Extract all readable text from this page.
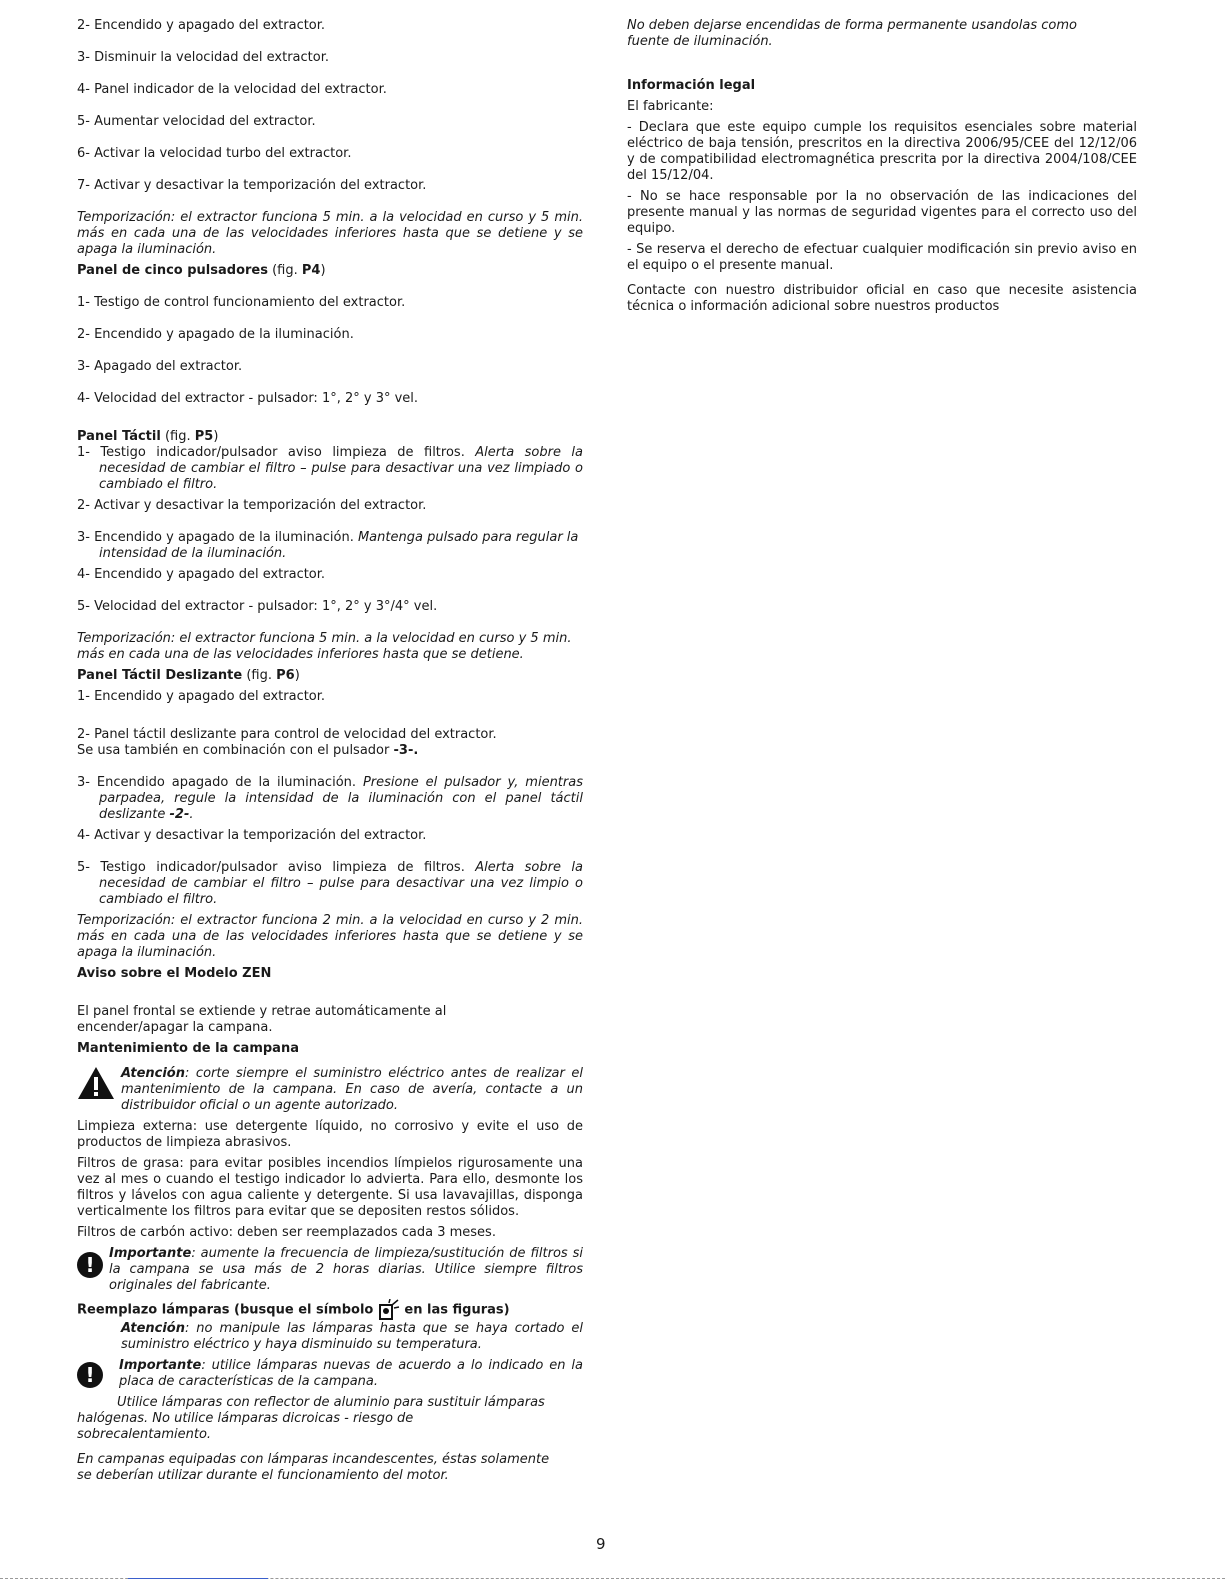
2- Encendido y apagado del extractor.

3- Disminuir la velocidad del extractor.

4- Panel indicador de la velocidad del extractor.

5- Aumentar velocidad del extractor.

6- Activar la velocidad turbo del extractor.

7- Activar y desactivar la temporización del extractor.

Temporización: el extractor funciona 5 min. a la velocidad en curso y 5 min. más en cada una de las velocidades inferiores hasta que se detiene y se apaga la iluminación.

Panel de cinco pulsadores (fig. P4)

1- Testigo de control funcionamiento del extractor.

2- Encendido y apagado de la iluminación.

3- Apagado del extractor.

4- Velocidad del extractor - pulsador: 1°, 2° y 3° vel.

Panel Táctil (fig. P5)

1- Testigo indicador/pulsador aviso limpieza de filtros. Alerta sobre la necesidad de cambiar el filtro – pulse para desactivar una vez limpiado o cambiado el filtro.

2- Activar y desactivar la temporización del extractor.

3- Encendido y apagado de la iluminación. Mantenga pulsado para regular la intensidad de la iluminación.

4- Encendido y apagado del extractor.

5- Velocidad del extractor - pulsador: 1°, 2° y 3°/4° vel.

Temporización: el extractor funciona 5 min. a la velocidad en curso y 5 min. más en cada una de las velocidades inferiores hasta que se detiene.

Panel Táctil Deslizante (fig. P6)

1- Encendido y apagado del extractor.

2- Panel táctil deslizante para control de velocidad del extractor.

Se usa también en combinación con el pulsador -3-.

3- Encendido apagado de la iluminación. Presione el pulsador y, mientras parpadea, regule la intensidad de la iluminación con el panel táctil deslizante -2-.

4- Activar y desactivar la temporización del extractor.

5- Testigo indicador/pulsador aviso limpieza de filtros. Alerta sobre la necesidad de cambiar el filtro – pulse para desactivar una vez limpio o cambiado el filtro.

Temporización: el extractor funciona 2 min. a la velocidad en curso y 2 min. más en cada una de las velocidades inferiores hasta que se detiene y se apaga la iluminación.

Aviso sobre el Modelo ZEN

El panel frontal se extiende y retrae automáticamente al encender/apagar la campana.

Mantenimiento de la campana

Atención: corte siempre el suministro eléctrico antes de realizar el mantenimiento de la campana. En caso de avería, contacte a un distribuidor oficial o un agente autorizado.

Limpieza externa: use detergente líquido, no corrosivo y evite el uso de productos de limpieza abrasivos.

Filtros de grasa: para evitar posibles incendios límpielos rigurosamente una vez al mes o cuando el testigo indicador lo advierta. Para ello, desmonte los filtros y lávelos con agua caliente y detergente. Si usa lavavajillas, disponga verticalmente los filtros para evitar que se depositen restos sólidos.

Filtros de carbón activo: deben ser reemplazados cada 3 meses.

!	Importante: aumente la frecuencia de limpieza/sustitución de filtros si la campana se usa más de 2 horas diarias. Utilice siempre filtros originales del fabricante.

Reemplazo lámparas (busque el símbolo en las figuras)

Atención: no manipule las lámparas hasta que se haya cortado el suministro eléctrico y haya disminuido su temperatura.

!	Importante: utilice lámparas nuevas de acuerdo a lo indicado en la placa de características de la campana.

Utilice lámparas con reflector de aluminio para sustituir lámparas halógenas. No utilice lámparas dicroicas - riesgo de sobrecalentamiento.

En campanas equipadas con lámparas incandescentes, éstas solamente se deberían utilizar durante el funcionamiento del motor.

No deben dejarse encendidas de forma permanente usandolas como fuente de iluminación.

Información legal

El fabricante:

- Declara que este equipo cumple los requisitos esenciales sobre material eléctrico de baja tensión, prescritos en la directiva 2006/95/CEE del 12/12/06 y de compatibilidad electromagnética prescrita por la directiva 2004/108/CEE del 15/12/04.

- No se hace responsable por la no observación de las indicaciones del presente manual y las normas de seguridad vigentes para el correcto uso del equipo.

- Se reserva el derecho de efectuar cualquier modificación sin previo aviso en el equipo o el presente manual.

Contacte con nuestro distribuidor oficial en caso que necesite asistencia técnica o información adicional sobre nuestros productos

9
